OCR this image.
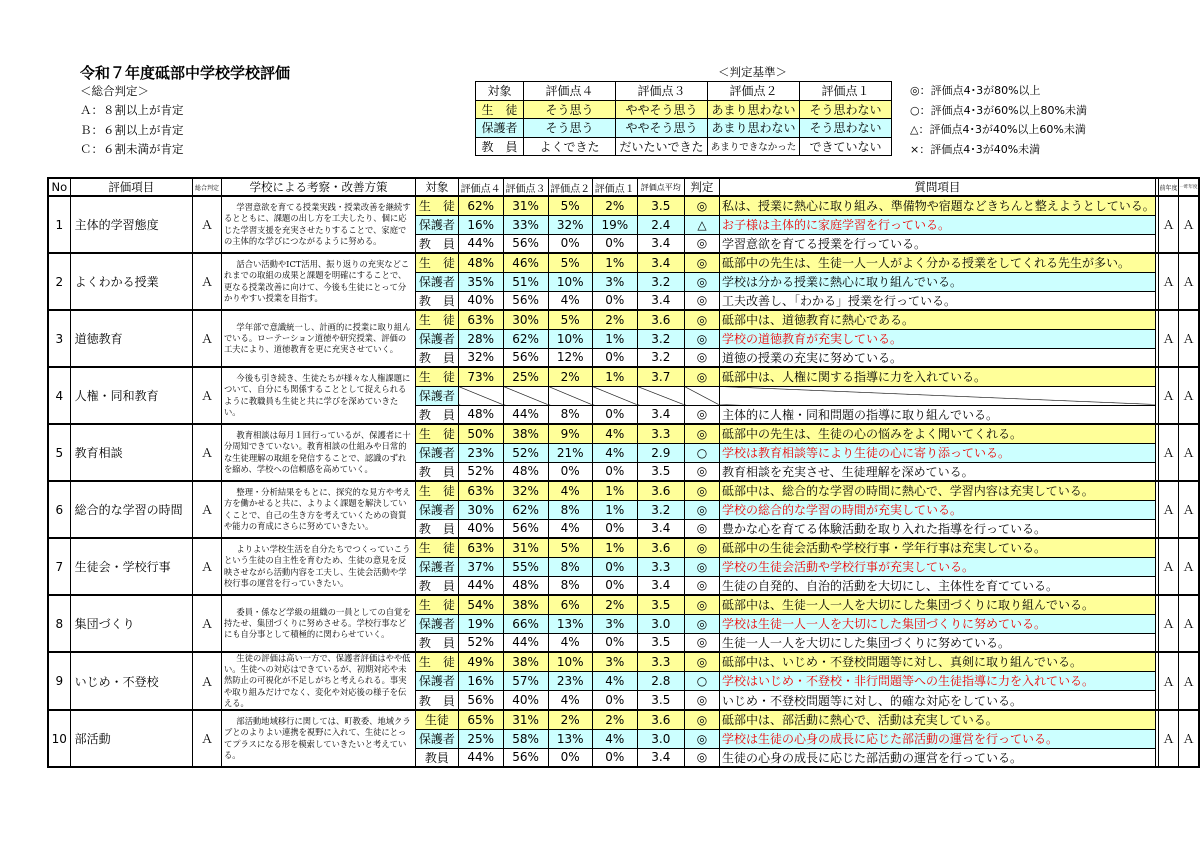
令和７年度砥部中学校学校評価
＜総合判定＞
Ａ：８割以上が肯定
Ｂ：６割以上が肯定
Ｃ：６割未満が肯定
＜判定基準＞
対象	評価点４	評価点３	評価点２	評価点１
生　徒	そう思う	ややそう思う	あまり思わない	そう思わない
保護者	そう思う	ややそう思う	あまり思わない	そう思わない
教　員	よくできた	だいたいできた	あまりできなかった	できていない
◎：評価点4･3が80%以上
○：評価点4･3が60%以上80%未満
△：評価点4･3が40%以上60%未満
×：評価点4･3が40%未満
No	評価項目	総合判定	学校による考察・改善方策	対象	評価点４	評価点３	評価点２	評価点１	評価点平均	判定	質問項目		前年度	一昨年度
1	主体的学習態度	Ａ	学習意欲を育てる授業実践・授業改善を継続するとともに、課題の出し方を工夫したり、個に応じた学習支援を充実させたりすることで、家庭での主体的な学びにつながるように努める。	生　徒	62%	31%	5%	2%	3.5	◎	私は、授業に熱心に取り組み、準備物や宿題などきちんと整えようとしている。		Ａ	Ａ
				保護者	16%	33%	32%	19%	2.4	△	お子様は主体的に家庭学習を行っている。			
				教　員	44%	56%	0%	0%	3.4	◎	学習意欲を育てる授業を行っている。			
2	よくわかる授業	Ａ	話合い活動やICT活用、振り返りの充実などこれまでの取組の成果と課題を明確にすることで、更なる授業改善に向けて、今後も生徒にとって分かりやすい授業を目指す。	生　徒	48%	46%	5%	1%	3.4	◎	砥部中の先生は、生徒一人一人がよく分かる授業をしてくれる先生が多い。		Ａ	Ａ
				保護者	35%	51%	10%	3%	3.2	◎	学校は分かる授業に熱心に取り組んでいる。			
				教　員	40%	56%	4%	0%	3.4	◎	工夫改善し、「わかる」授業を行っている。			
3	道徳教育	Ａ	学年部で意識統一し、計画的に授業に取り組んでいる。ローテーション道徳や研究授業、評価の工夫により、道徳教育を更に充実させていく。	生　徒	63%	30%	5%	2%	3.6	◎	砥部中は、道徳教育に熱心である。		Ａ	Ａ
				保護者	28%	62%	10%	1%	3.2	◎	学校の道徳教育が充実している。			
				教　員	32%	56%	12%	0%	3.2	◎	道徳の授業の充実に努めている。			
4	人権・同和教育	Ａ	今後も引き続き、生徒たちが様々な人権課題について、自分にも関係することとして捉えられるように教職員も生徒と共に学びを深めていきたい。	生　徒	73%	25%	2%	1%	3.7	◎	砥部中は、人権に関する指導に力を入れている。		Ａ	Ａ
				保護者										
				教　員	48%	44%	8%	0%	3.4	◎	主体的に人権・同和問題の指導に取り組んでいる。			
5	教育相談	Ａ	教育相談は毎月１回行っているが、保護者に十分周知できていない。教育相談の仕組みや日常的な生徒理解の取組を発信することで、認識のずれを縮め、学校への信頼感を高めていく。	生　徒	50%	38%	9%	4%	3.3	◎	砥部中の先生は、生徒の心の悩みをよく聞いてくれる。		Ａ	Ａ
				保護者	23%	52%	21%	4%	2.9	○	学校は教育相談等により生徒の心に寄り添っている。			
				教　員	52%	48%	0%	0%	3.5	◎	教育相談を充実させ、生徒理解を深めている。			
6	総合的な学習の時間	Ａ	整理・分析結果をもとに、探究的な見方や考え方を働かせると共に、よりよく課題を解決していくことで、自己の生き方を考えていくための資質や能力の育成にさらに努めていきたい。	生　徒	63%	32%	4%	1%	3.6	◎	砥部中は、総合的な学習の時間に熱心で、学習内容は充実している。		Ａ	Ａ
				保護者	30%	62%	8%	1%	3.2	◎	学校の総合的な学習の時間が充実している。			
				教　員	40%	56%	4%	0%	3.4	◎	豊かな心を育てる体験活動を取り入れた指導を行っている。			
7	生徒会・学校行事	Ａ	よりよい学校生活を自分たちでつくっていこうという生徒の自主性を育むため、生徒の意見を反映させながら活動内容を工夫し、生徒会活動や学校行事の運営を行っていきたい。	生　徒	63%	31%	5%	1%	3.6	◎	砥部中の生徒会活動や学校行事・学年行事は充実している。		Ａ	Ａ
				保護者	37%	55%	8%	0%	3.3	◎	学校の生徒会活動や学校行事が充実している。			
				教　員	44%	48%	8%	0%	3.4	◎	生徒の自発的、自治的活動を大切にし、主体性を育てている。			
8	集団づくり	Ａ	委員・係など学級の組織の一員としての自覚を持たせ、集団づくりに努めさせる。学校行事などにも自分事として積極的に関わらせていく。	生　徒	54%	38%	6%	2%	3.5	◎	砥部中は、生徒一人一人を大切にした集団づくりに取り組んでいる。		Ａ	Ａ
				保護者	19%	66%	13%	3%	3.0	◎	学校は生徒一人一人を大切にした集団づくりに努めている。			
				教　員	52%	44%	4%	0%	3.5	◎	生徒一人一人を大切にした集団づくりに努めている。			
9	いじめ・不登校	Ａ	生徒の評価は高い一方で、保護者評価はやや低い。生徒への対応はできているが、初期対応や未然防止の可視化が不足しがちと考えられる。事実や取り組みだけでなく、変化や対応後の様子を伝える。	生　徒	49%	38%	10%	3%	3.3	◎	砥部中は、いじめ・不登校問題等に対し、真剣に取り組んでいる。		Ａ	Ａ
				保護者	16%	57%	23%	4%	2.8	○	学校はいじめ・不登校・非行問題等への生徒指導に力を入れている。			
				教　員	56%	40%	4%	0%	3.5	◎	いじめ・不登校問題等に対し、的確な対応をしている。			
10	部活動	Ａ	部活動地域移行に関しては、町教委、地域クラブとのよりよい連携を視野に入れて、生徒にとってプラスになる形を模索していきたいと考えている。	生徒	65%	31%	2%	2%	3.6	◎	砥部中は、部活動に熱心で、活動は充実している。		Ａ	Ａ
				保護者	25%	58%	13%	4%	3.0	◎	学校は生徒の心身の成長に応じた部活動の運営を行っている。			
				教員	44%	56%	0%	0%	3.4	◎	生徒の心身の成長に応じた部活動の運営を行っている。			
